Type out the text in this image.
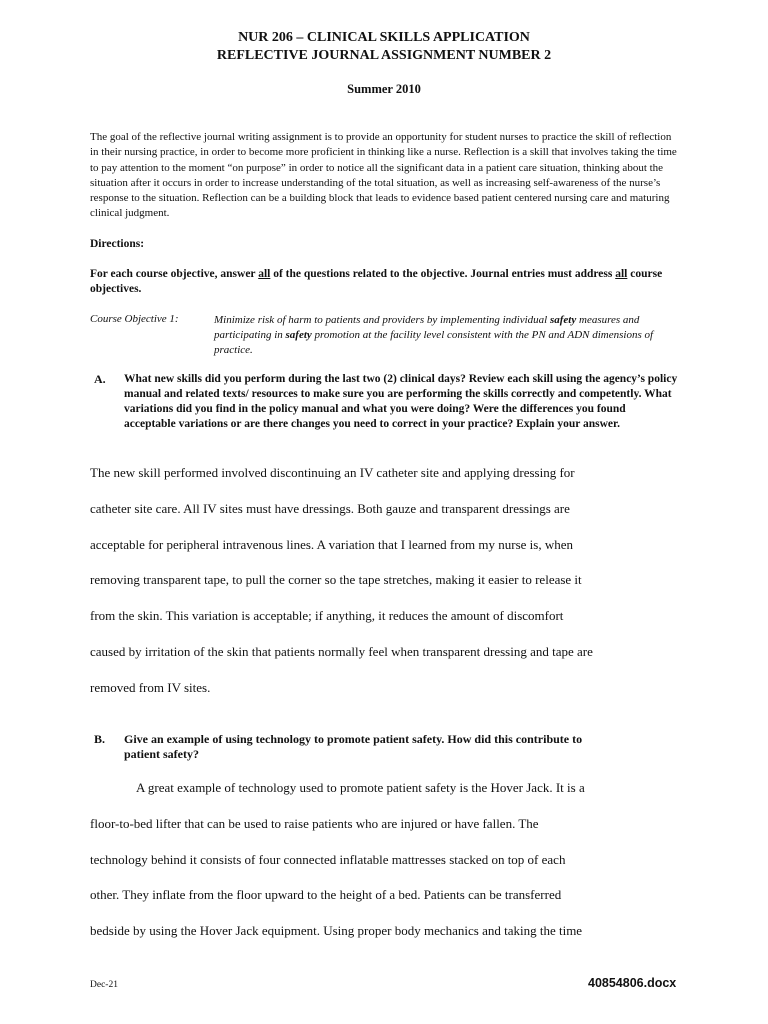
NUR 206 – CLINICAL SKILLS APPLICATION
REFLECTIVE JOURNAL ASSIGNMENT NUMBER 2
Summer 2010
The goal of the reflective journal writing assignment is to provide an opportunity for student nurses to practice the skill of reflection in their nursing practice, in order to become more proficient in thinking like a nurse. Reflection is a skill that involves taking the time to pay attention to the moment “on purpose” in order to notice all the significant data in a patient care situation, thinking about the situation after it occurs in order to increase understanding of the total situation, as well as increasing self-awareness of the nurse’s response to the situation. Reflection can be a building block that leads to evidence based patient centered nursing care and maturing clinical judgment.
Directions:
For each course objective, answer all of the questions related to the objective. Journal entries must address all course objectives.
Course Objective 1:	Minimize risk of harm to patients and providers by implementing individual safety measures and participating in safety promotion at the facility level consistent with the PN and ADN dimensions of practice.
A. What new skills did you perform during the last two (2) clinical days? Review each skill using the agency’s policy manual and related texts/ resources to make sure you are performing the skills correctly and competently. What variations did you find in the policy manual and what you were doing? Were the differences you found acceptable variations or are there changes you need to correct in your practice? Explain your answer.
The new skill performed involved discontinuing an IV catheter site and applying dressing for
catheter site care. All IV sites must have dressings. Both gauze and transparent dressings are
acceptable for peripheral intravenous lines. A variation that I learned from my nurse is, when
removing transparent tape, to pull the corner so the tape stretches, making it easier to release it
from the skin. This variation is acceptable; if anything, it reduces the amount of discomfort
caused by irritation of the skin that patients normally feel when transparent dressing and tape are
removed from IV sites.
B. Give an example of using technology to promote patient safety. How did this contribute to
patient safety?
A great example of technology used to promote patient safety is the Hover Jack. It is a
floor-to-bed lifter that can be used to raise patients who are injured or have fallen. The
technology behind it consists of four connected inflatable mattresses stacked on top of each
other. They inflate from the floor upward to the height of a bed. Patients can be transferred
bedside by using the Hover Jack equipment. Using proper body mechanics and taking the time
Dec-21	40854806.docx
